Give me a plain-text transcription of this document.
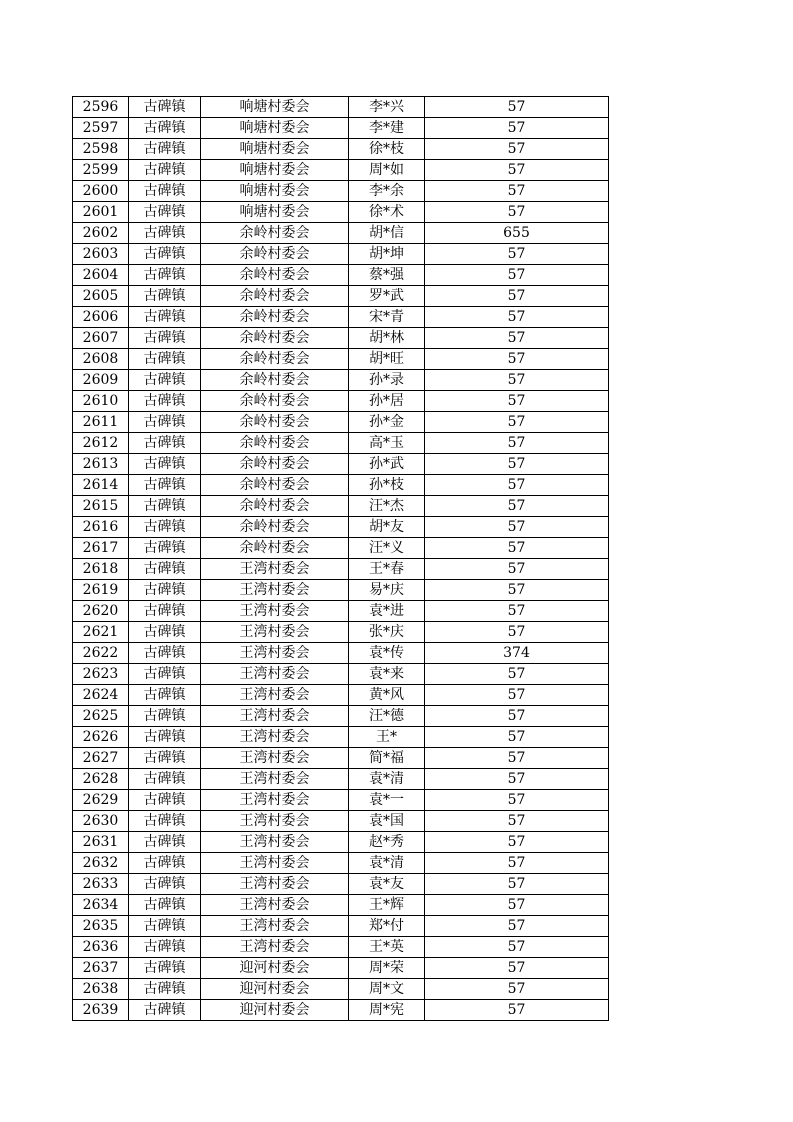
2596	古碑镇	响塘村委会	李*兴	57
2597	古碑镇	响塘村委会	李*建	57
2598	古碑镇	响塘村委会	徐*枝	57
2599	古碑镇	响塘村委会	周*如	57
2600	古碑镇	响塘村委会	李*余	57
2601	古碑镇	响塘村委会	徐*术	57
2602	古碑镇	余岭村委会	胡*信	655
2603	古碑镇	余岭村委会	胡*坤	57
2604	古碑镇	余岭村委会	蔡*强	57
2605	古碑镇	余岭村委会	罗*武	57
2606	古碑镇	余岭村委会	宋*青	57
2607	古碑镇	余岭村委会	胡*林	57
2608	古碑镇	余岭村委会	胡*旺	57
2609	古碑镇	余岭村委会	孙*录	57
2610	古碑镇	余岭村委会	孙*居	57
2611	古碑镇	余岭村委会	孙*金	57
2612	古碑镇	余岭村委会	高*玉	57
2613	古碑镇	余岭村委会	孙*武	57
2614	古碑镇	余岭村委会	孙*枝	57
2615	古碑镇	余岭村委会	汪*杰	57
2616	古碑镇	余岭村委会	胡*友	57
2617	古碑镇	余岭村委会	汪*义	57
2618	古碑镇	王湾村委会	王*春	57
2619	古碑镇	王湾村委会	易*庆	57
2620	古碑镇	王湾村委会	袁*进	57
2621	古碑镇	王湾村委会	张*庆	57
2622	古碑镇	王湾村委会	袁*传	374
2623	古碑镇	王湾村委会	袁*来	57
2624	古碑镇	王湾村委会	黄*风	57
2625	古碑镇	王湾村委会	汪*德	57
2626	古碑镇	王湾村委会	王*	57
2627	古碑镇	王湾村委会	简*福	57
2628	古碑镇	王湾村委会	袁*清	57
2629	古碑镇	王湾村委会	袁*一	57
2630	古碑镇	王湾村委会	袁*国	57
2631	古碑镇	王湾村委会	赵*秀	57
2632	古碑镇	王湾村委会	袁*清	57
2633	古碑镇	王湾村委会	袁*友	57
2634	古碑镇	王湾村委会	王*辉	57
2635	古碑镇	王湾村委会	郑*付	57
2636	古碑镇	王湾村委会	王*英	57
2637	古碑镇	迎河村委会	周*荣	57
2638	古碑镇	迎河村委会	周*文	57
2639	古碑镇	迎河村委会	周*宪	57
